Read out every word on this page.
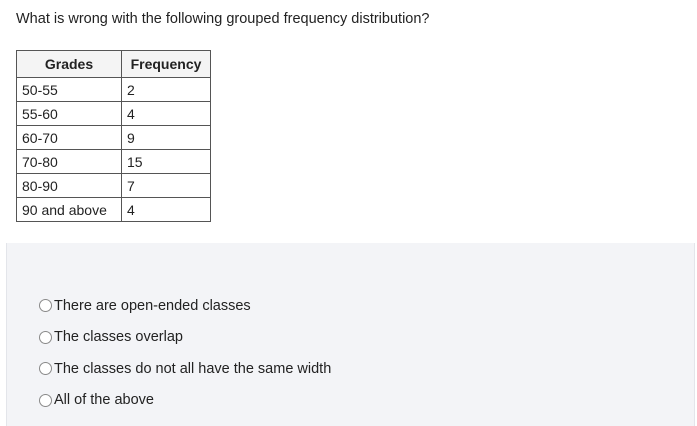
What is wrong with the following grouped frequency distribution?
Grades	Frequency
50-55	2
55-60	4
60-70	9
70-80	15
80-90	7
90 and above	4
There are open-ended classes
The classes overlap
The classes do not all have the same width
All of the above
